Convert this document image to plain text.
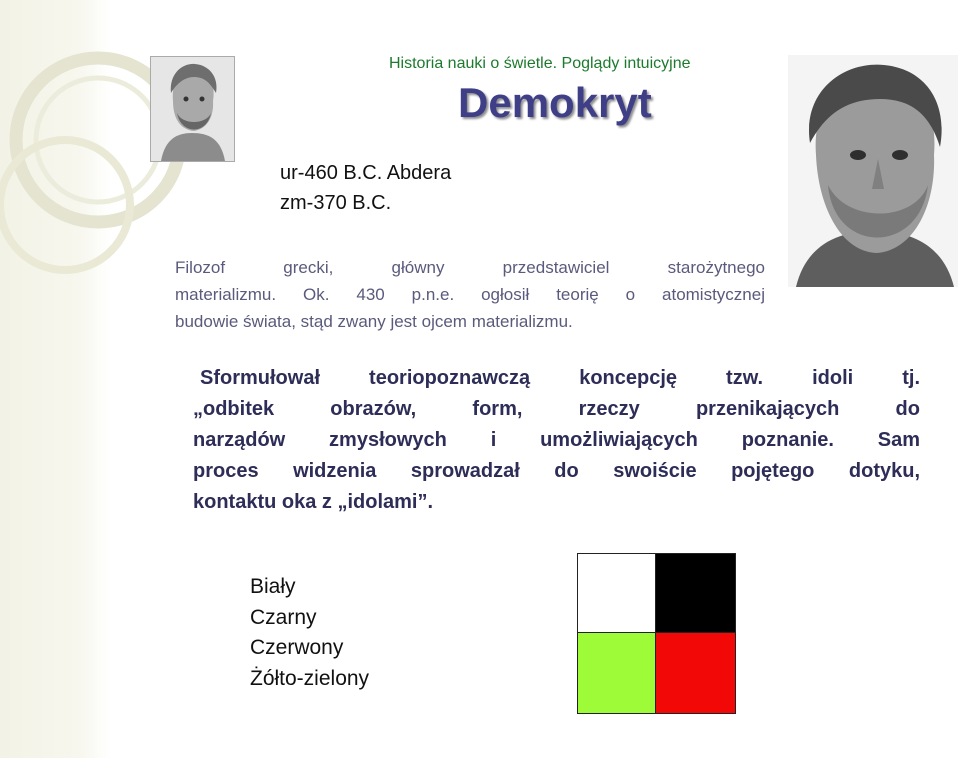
Historia nauki o świetle. Poglądy intuicyjne
Demokryt
ur-460 B.C. Abdera
zm-370 B.C.
Filozof grecki, główny przedstawiciel starożytnego
materializmu. Ok. 430 p.n.e. ogłosił teorię o atomistycznej
budowie świata, stąd zwany jest ojcem materializmu.
Sformułował teoriopoznawczą koncepcję tzw. idoli tj.
„odbitek obrazów, form, rzeczy przenikających do
narządów zmysłowych i umożliwiających poznanie. Sam
proces widzenia sprowadzał do swoiście pojętego dotyku,
kontaktu oka z „idolami”.
Biały
Czarny
Czerwony
Żółto-zielony
